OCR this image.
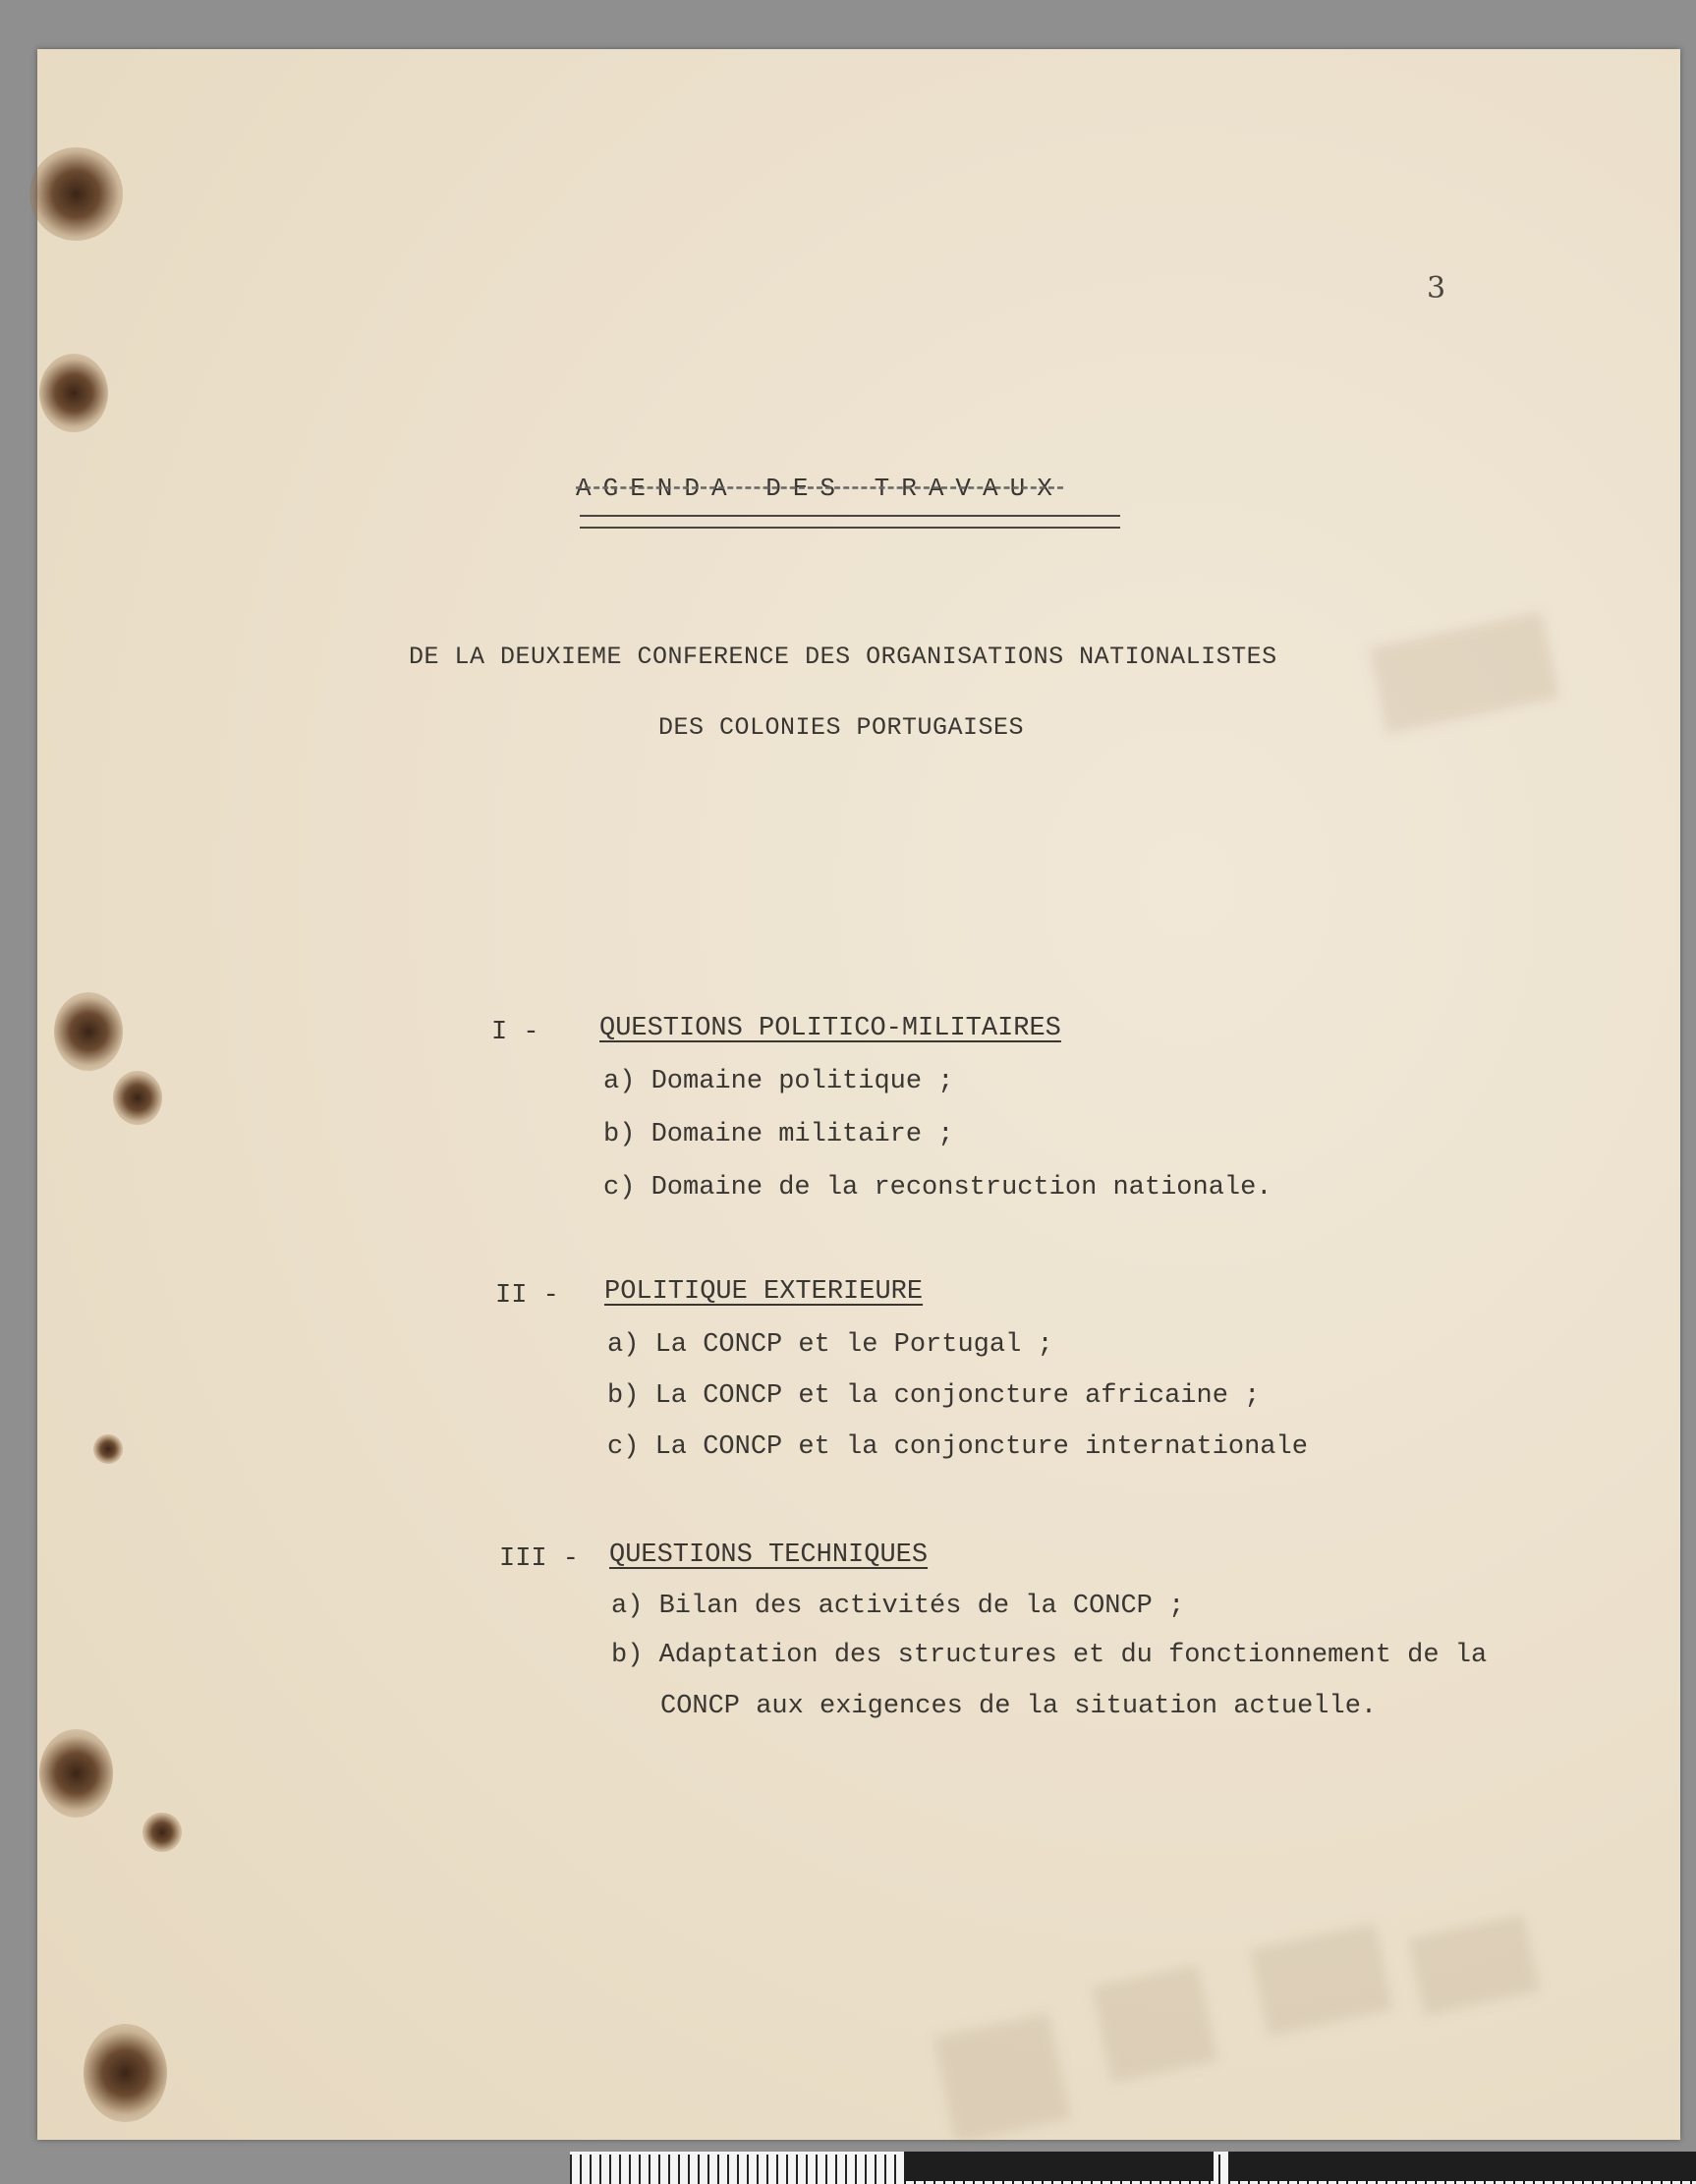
3
AGENDA DES TRAVAUX
DE LA DEUXIEME CONFERENCE DES ORGANISATIONS NATIONALISTES
DES COLONIES PORTUGAISES
I - QUESTIONS POLITICO-MILITAIRES
a) Domaine politique ;
b) Domaine militaire ;
c) Domaine de la reconstruction nationale.
II - POLITIQUE EXTERIEURE
a) La CONCP et le Portugal ;
b) La CONCP et la conjoncture africaine ;
c) La CONCP et la conjoncture internationale
III - QUESTIONS TECHNIQUES
a) Bilan des activités de la CONCP ;
b) Adaptation des structures et du fonctionnement de la
CONCP aux exigences de la situation actuelle.
